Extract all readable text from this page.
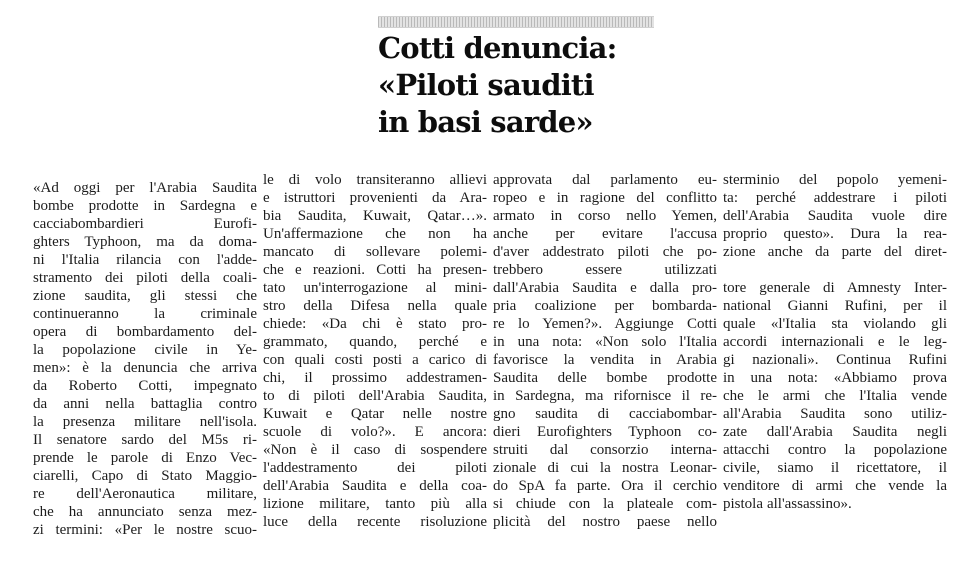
Cotti denuncia:
«Piloti sauditi
in basi sarde»
«Ad oggi per l'Arabia Saudita
bombe prodotte in Sardegna e
cacciabombardieri Eurofi-
ghters Typhoon, ma da doma-
ni l'Italia rilancia con l'adde-
stramento dei piloti della coali-
zione saudita, gli stessi che
continueranno la criminale
opera di bombardamento del-
la popolazione civile in Ye-
men»: è la denuncia che arriva
da Roberto Cotti, impegnato
da anni nella battaglia contro
la presenza militare nell'isola.
Il senatore sardo del M5s ri-
prende le parole di Enzo Vec-
ciarelli, Capo di Stato Maggio-
re dell'Aeronautica militare,
che ha annunciato senza mez-
zi termini: «Per le nostre scuo-
le di volo transiteranno allievi
e istruttori provenienti da Ara-
bia Saudita, Kuwait, Qatar…».
Un'affermazione che non ha
mancato di sollevare polemi-
che e reazioni. Cotti ha presen-
tato un'interrogazione al mini-
stro della Difesa nella quale
chiede: «Da chi è stato pro-
grammato, quando, perché e
con quali costi posti a carico di
chi, il prossimo addestramen-
to di piloti dell'Arabia Saudita,
Kuwait e Qatar nelle nostre
scuole di volo?». E ancora:
«Non è il caso di sospendere
l'addestramento dei piloti
dell'Arabia Saudita e della coa-
lizione militare, tanto più alla
luce della recente risoluzione
approvata dal parlamento eu-
ropeo e in ragione del conflitto
armato in corso nello Yemen,
anche per evitare l'accusa
d'aver addestrato piloti che po-
trebbero essere utilizzati
dall'Arabia Saudita e dalla pro-
pria coalizione per bombarda-
re lo Yemen?». Aggiunge Cotti
in una nota: «Non solo l'Italia
favorisce la vendita in Arabia
Saudita delle bombe prodotte
in Sardegna, ma rifornisce il re-
gno saudita di cacciabombar-
dieri Eurofighters Typhoon co-
struiti dal consorzio interna-
zionale di cui la nostra Leonar-
do SpA fa parte. Ora il cerchio
si chiude con la plateale com-
plicità del nostro paese nello
sterminio del popolo yemeni-
ta: perché addestrare i piloti
dell'Arabia Saudita vuole dire
proprio questo». Dura la rea-
zione anche da parte del diret-
tore generale di Amnesty Inter-
national Gianni Rufini, per il
quale «l'Italia sta violando gli
accordi internazionali e le leg-
gi nazionali». Continua Rufini
in una nota: «Abbiamo prova
che le armi che l'Italia vende
all'Arabia Saudita sono utiliz-
zate dall'Arabia Saudita negli
attacchi contro la popolazione
civile, siamo il ricettatore, il
venditore di armi che vende la
pistola all'assassino».
